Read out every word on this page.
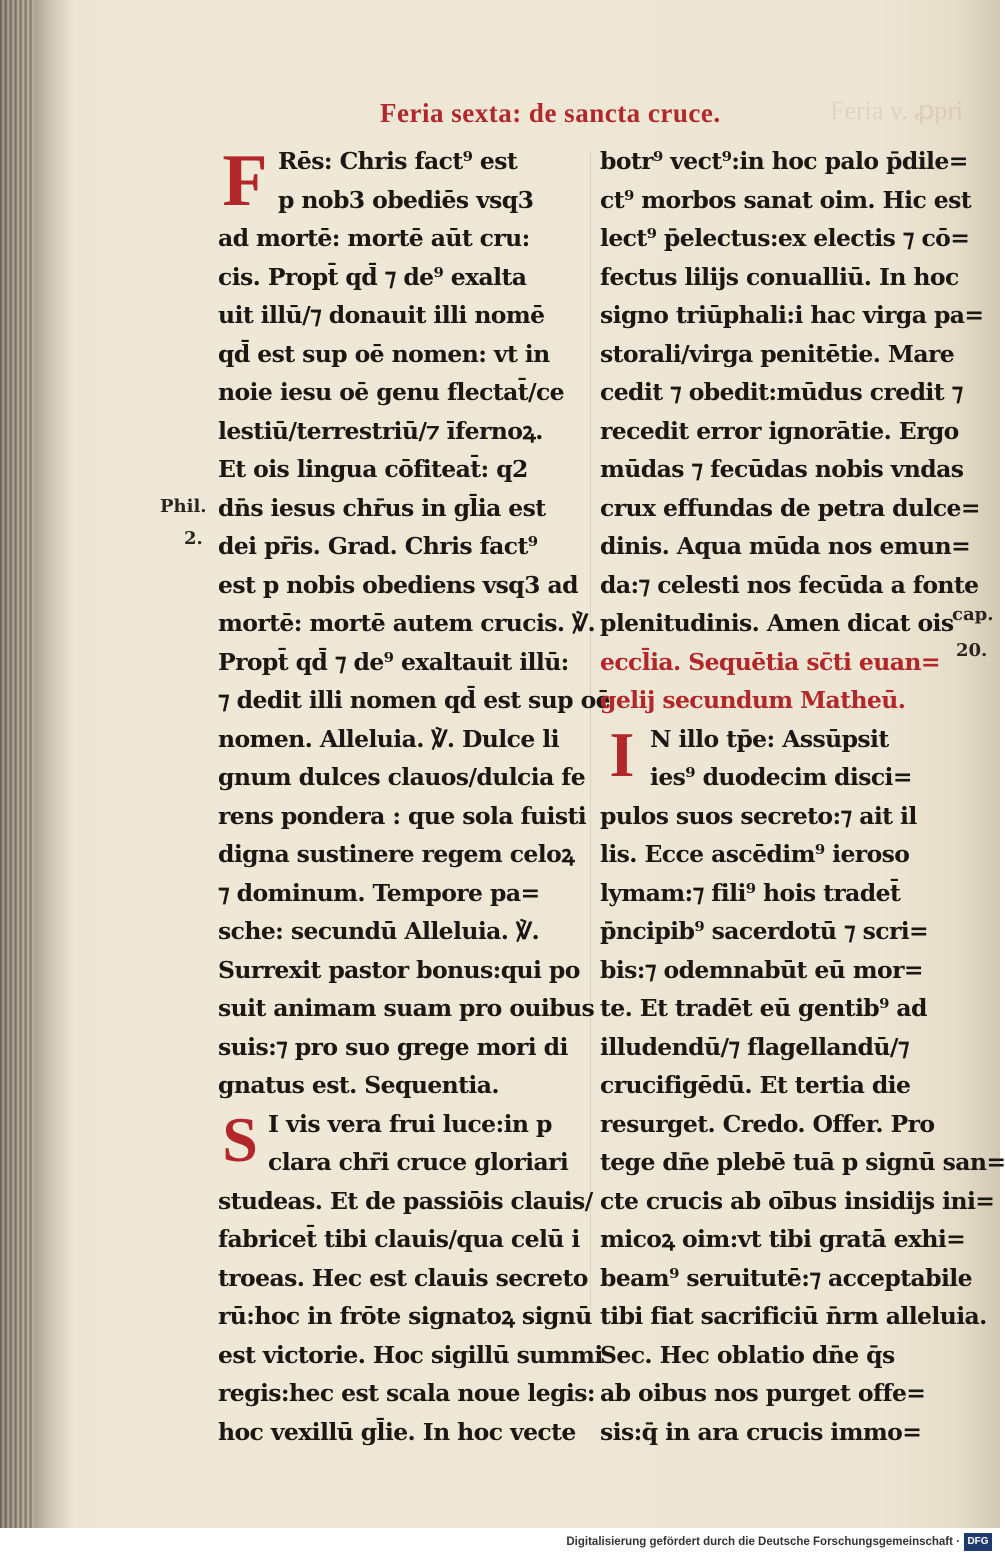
Feria v. ꝓpri
Feria sexta: de sancta cruce.
F Rēs: Chris fact⁹ est
p nob3 obediēs vsq3
ad mortē: mortē aūt cru:
cis. Propt̄ qd̄ ⁊ de⁹ exalta
uit illū/⁊ donauit illi nomē
qd̄ est sup oē nomen: vt in
noie iesu oē genu flectat̄/ce
lestiū/terrestriū/⁊ īfernoꝝ.
Et ois lingua cōfiteat̄: q2
dn̄s iesus chr̄us in gl̄ia est
dei pr̄is. Grad. Chris fact⁹
est p nobis obediens vsq3 ad
mortē: mortē autem crucis. ℣.
Propt̄ qd̄ ⁊ de⁹ exaltauit illū:
⁊ dedit illi nomen qd̄ est sup oē
nomen. Alleluia. ℣. Dulce li
gnum dulces clauos/dulcia fe
rens pondera : que sola fuisti
digna sustinere regem celoꝝ
⁊ dominum. Tempore pa=
sche: secundū Alleluia. ℣.
Surrexit pastor bonus:qui po
suit animam suam pro ouibus
suis:⁊ pro suo grege mori di
gnatus est. Sequentia.
S I vis vera frui luce:in p
clara chr̄i cruce gloriari
studeas. Et de passiōis clauis/
fabricet̄ tibi clauis/qua celū i
troeas. Hec est clauis secreto
rū:hoc in frōte signatoꝝ signū
est victorie. Hoc sigillū summi
regis:hec est scala noue legis:
hoc vexillū gl̄ie. In hoc vecte
botr⁹ vect⁹:in hoc palo p̄dile=
ct⁹ morbos sanat oim. Hic est
lect⁹ p̄electus:ex electis ⁊ cō=
fectus lilijs conualliū. In hoc
signo triūphali:i hac virga pa=
storali/virga penitētie. Mare
cedit ⁊ obedit:mūdus credit ⁊
recedit error ignorātie. Ergo
mūdas ⁊ fecūdas nobis vndas
crux effundas de petra dulce=
dinis. Aqua mūda nos emun=
da:⁊ celesti nos fecūda a fonte
plenitudinis. Amen dicat ois
eccl̄ia. Sequētia sc̄ti euan=
gelij secundum Matheū.
I N illo tp̄e: Assūpsit
ies⁹ duodecim disci=
pulos suos secreto:⁊ ait il
lis. Ecce ascēdim⁹ ieroso
lymam:⁊ fili⁹ hois tradet̄
p̄ncipib⁹ sacerdotū ⁊ scri=
bis:⁊ odemnabūt eū mor=
te. Et tradēt eū gentib⁹ ad
illudendū/⁊ flagellandū/⁊
crucifigēdū. Et tertia die
resurget. Credo. Offer. Pro
tege dn̄e plebē tuā p signū san=
cte crucis ab oībus insidijs ini=
micoꝝ oim:vt tibi gratā exhi=
beam⁹ seruitutē:⁊ acceptabile
tibi fiat sacrificiū n̄rm alleluia.
Sec. Hec oblatio dn̄e q̄s
ab oibus nos purget offe=
sis:q̄ in ara crucis immo=
Phil.
2.
cap.
20.
Digitalisierung gefördert durch die Deutsche Forschungsgemeinschaft · DFG
